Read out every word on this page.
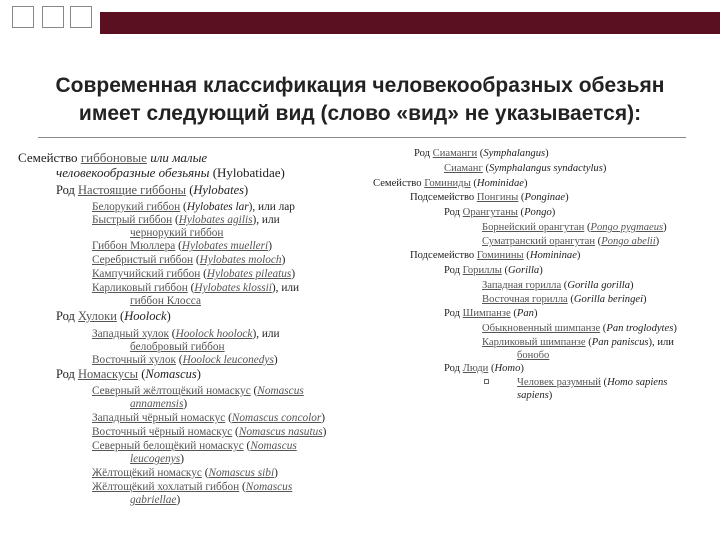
Современная классификация человекообразных обезьян
имеет следующий вид (слово «вид» не указывается):
Семейство гиббоновые или малые
человекообразные обезьяны (Hylobatidae)
Род Настоящие гиббоны (Hylobates)
Белорукий гиббон (Hylobates lar), или лар
Быстрый гиббон (Hylobates agilis), или
чернорукий гиббон
Гиббон Мюллера (Hylobates muelleri)
Серебристый гиббон (Hylobates moloch)
Кампучийский гиббон (Hylobates pileatus)
Карликовый гиббон (Hylobates klossii), или
гиббон Клосса
Род Хулоки (Hoolock)
Западный хулок (Hoolock hoolock), или
белобровый гиббон
Восточный хулок (Hoolock leuconedys)
Род Номаскусы (Nomascus)
Северный жёлтощёкий номаскус (Nomascus
annamensis)
Западный чёрный номаскус (Nomascus concolor)
Восточный чёрный номаскус (Nomascus nasutus)
Северный белощёкий номаскус (Nomascus
leucogenys)
Жёлтощёкий номаскус (Nomascus sibi)
Жёлтощёкий хохлатый гиббон (Nomascus
gabriellae)
Род Сиаманги (Symphalangus)
Сиаманг (Symphalangus syndactylus)
Семейство Гоминиды (Hominidae)
Подсемейство Понгины (Ponginae)
Род Орангутаны (Pongo)
Борнейский орангутан (Pongo pygmaeus)
Суматранский орангутан (Pongo abelii)
Подсемейство Гоминины (Homininae)
Род Гориллы (Gorilla)
Западная горилла (Gorilla gorilla)
Восточная горилла (Gorilla beringei)
Род Шимпанзе (Pan)
Обыкновенный шимпанзе (Pan troglodytes)
Карликовый шимпанзе (Pan paniscus), или
бонобо
Род Люди (Homo)
Человек разумный (Homo sapiens
sapiens)
